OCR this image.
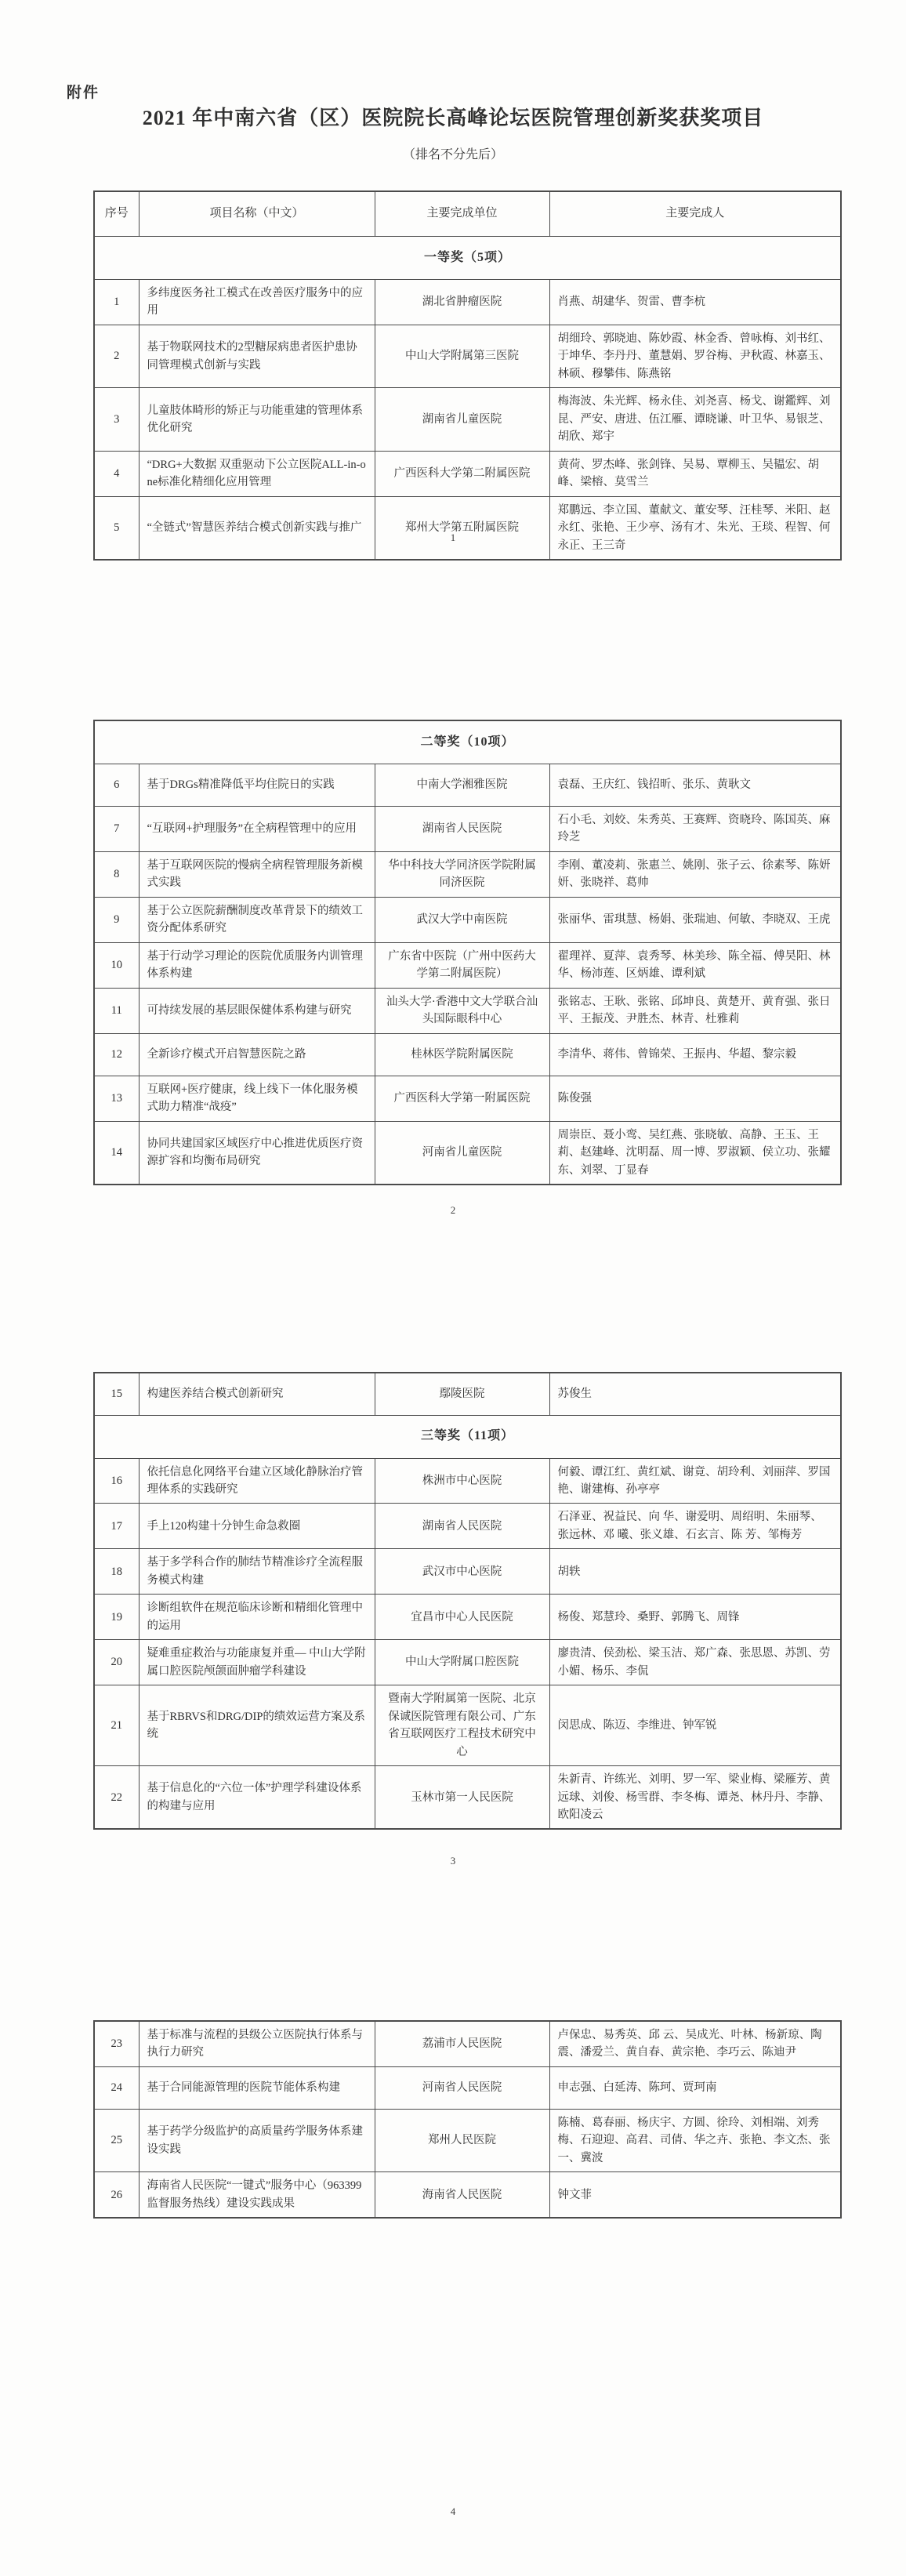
附件
2021 年中南六省（区）医院院长高峰论坛医院管理创新奖获奖项目
（排名不分先后）
序号	项目名称（中文）	主要完成单位	主要完成人
一等奖（5项）			
1	多纬度医务社工模式在改善医疗服务中的应用	湖北省肿瘤医院	肖燕、胡建华、贺雷、曹李杭
2	基于物联网技术的2型糖尿病患者医护患协同管理模式创新与实践	中山大学附属第三医院	胡细玲、郭晓迪、陈妙霞、林金香、曾咏梅、刘书红、于坤华、李丹丹、董慧娟、罗谷梅、尹秋霞、林嘉玉、林硕、穆攀伟、陈燕铭
3	儿童肢体畸形的矫正与功能重建的管理体系优化研究	湖南省儿童医院	梅海波、朱光辉、杨永佳、刘尧喜、杨戈、谢鑑辉、刘昆、严安、唐进、伍江雁、谭晓谦、叶卫华、易银芝、胡欣、郑宇
4	“DRG+大数据 双重驱动下公立医院ALL-in-one标准化精细化应用管理	广西医科大学第二附属医院	黄荷、罗杰峰、张剑锋、吴易、覃柳玉、吴韫宏、胡峰、梁榕、莫雪兰
5	“全链式”智慧医养结合模式创新实践与推广	郑州大学第五附属医院	郑鹏远、李立国、董献文、董安琴、汪桂琴、米阳、赵永红、张艳、王少亭、汤有才、朱光、王琰、程智、何永正、王三奇
1
二等奖（10项）			
6	基于DRGs精准降低平均住院日的实践	中南大学湘雅医院	袁磊、王庆红、钱招昕、张乐、黄耿文
7	“互联网+护理服务”在全病程管理中的应用	湖南省人民医院	石小毛、刘姣、朱秀英、王赛辉、资晓玲、陈国英、麻玲芝
8	基于互联网医院的慢病全病程管理服务新模式实践	华中科技大学同济医学院附属同济医院	李刚、董凌莉、张惠兰、姚刚、张子云、徐素琴、陈妍妍、张晓祥、葛帅
9	基于公立医院薪酬制度改革背景下的绩效工资分配体系研究	武汉大学中南医院	张丽华、雷琪慧、杨娟、张瑞迪、何敏、李晓双、王虎
10	基于行动学习理论的医院优质服务内训管理体系构建	广东省中医院（广州中医药大学第二附属医院）	翟理祥、夏萍、袁秀琴、林美珍、陈全福、傅昊阳、林华、杨沛莲、区炳雄、谭利斌
11	可持续发展的基层眼保健体系构建与研究	汕头大学·香港中文大学联合汕头国际眼科中心	张铭志、王耿、张铭、邱坤良、黄楚开、黄育强、张日平、王振茂、尹胜杰、林青、杜雅莉
12	全新诊疗模式开启智慧医院之路	桂林医学院附属医院	李清华、蒋伟、曾锦荣、王振冉、华超、黎宗毅
13	互联网+医疗健康，线上线下一体化服务模式助力精准“战疫”	广西医科大学第一附属医院	陈俊强
14	协同共建国家区域医疗中心推进优质医疗资源扩容和均衡布局研究	河南省儿童医院	周崇臣、聂小鸾、吴红燕、张晓敏、高静、王玉、王莉、赵建峰、沈明磊、周一博、罗淑颖、侯立功、张耀东、刘翠、丁显春
2
15	构建医养结合模式创新研究	鄢陵医院	苏俊生
三等奖（11项）			
16	依托信息化网络平台建立区域化静脉治疗管理体系的实践研究	株洲市中心医院	何毅、谭江红、黄红斌、谢竟、胡玲利、刘丽萍、罗国艳、谢建梅、孙亭亭
17	手上120构建十分钟生命急救圈	湖南省人民医院	石泽亚、祝益民、向 华、谢爱明、周绍明、朱丽琴、张远林、邓 曦、张义雄、石玄言、陈 芳、邹梅芳
18	基于多学科合作的肺结节精准诊疗全流程服务模式构建	武汉市中心医院	胡轶
19	诊断组软件在规范临床诊断和精细化管理中的运用	宜昌市中心人民医院	杨俊、郑慧玲、桑野、郭腾飞、周锋
20	疑难重症救治与功能康复并重— 中山大学附属口腔医院颅颌面肿瘤学科建设	中山大学附属口腔医院	廖贵清、侯劲松、梁玉洁、郑广森、张思恩、苏凯、劳小媚、杨乐、李侃
21	基于RBRVS和DRG/DIP的绩效运营方案及系统	暨南大学附属第一医院、北京保诚医院管理有限公司、广东省互联网医疗工程技术研究中心	闵思成、陈迈、李维进、钟军锐
22	基于信息化的“六位一体”护理学科建设体系的构建与应用	玉林市第一人民医院	朱新青、许练光、刘明、罗一军、梁业梅、梁雁芳、黄远球、刘俊、杨雪群、李冬梅、谭尧、林丹丹、李静、欧阳凌云
3
23	基于标准与流程的县级公立医院执行体系与执行力研究	荔浦市人民医院	卢保忠、易秀英、邱 云、吴成光、叶林、杨新琼、陶震、潘爱兰、黄自春、黄宗艳、李巧云、陈迪尹
24	基于合同能源管理的医院节能体系构建	河南省人民医院	申志强、白延涛、陈珂、贾珂南
25	基于药学分级监护的高质量药学服务体系建设实践	郑州人民医院	陈楠、葛春丽、杨庆宇、方圆、徐玲、刘相端、刘秀梅、石迎迎、高君、司倩、华之卉、张艳、李文杰、张一、冀波
26	海南省人民医院“一键式”服务中心（963399监督服务热线）建设实践成果	海南省人民医院	钟文菲
4
